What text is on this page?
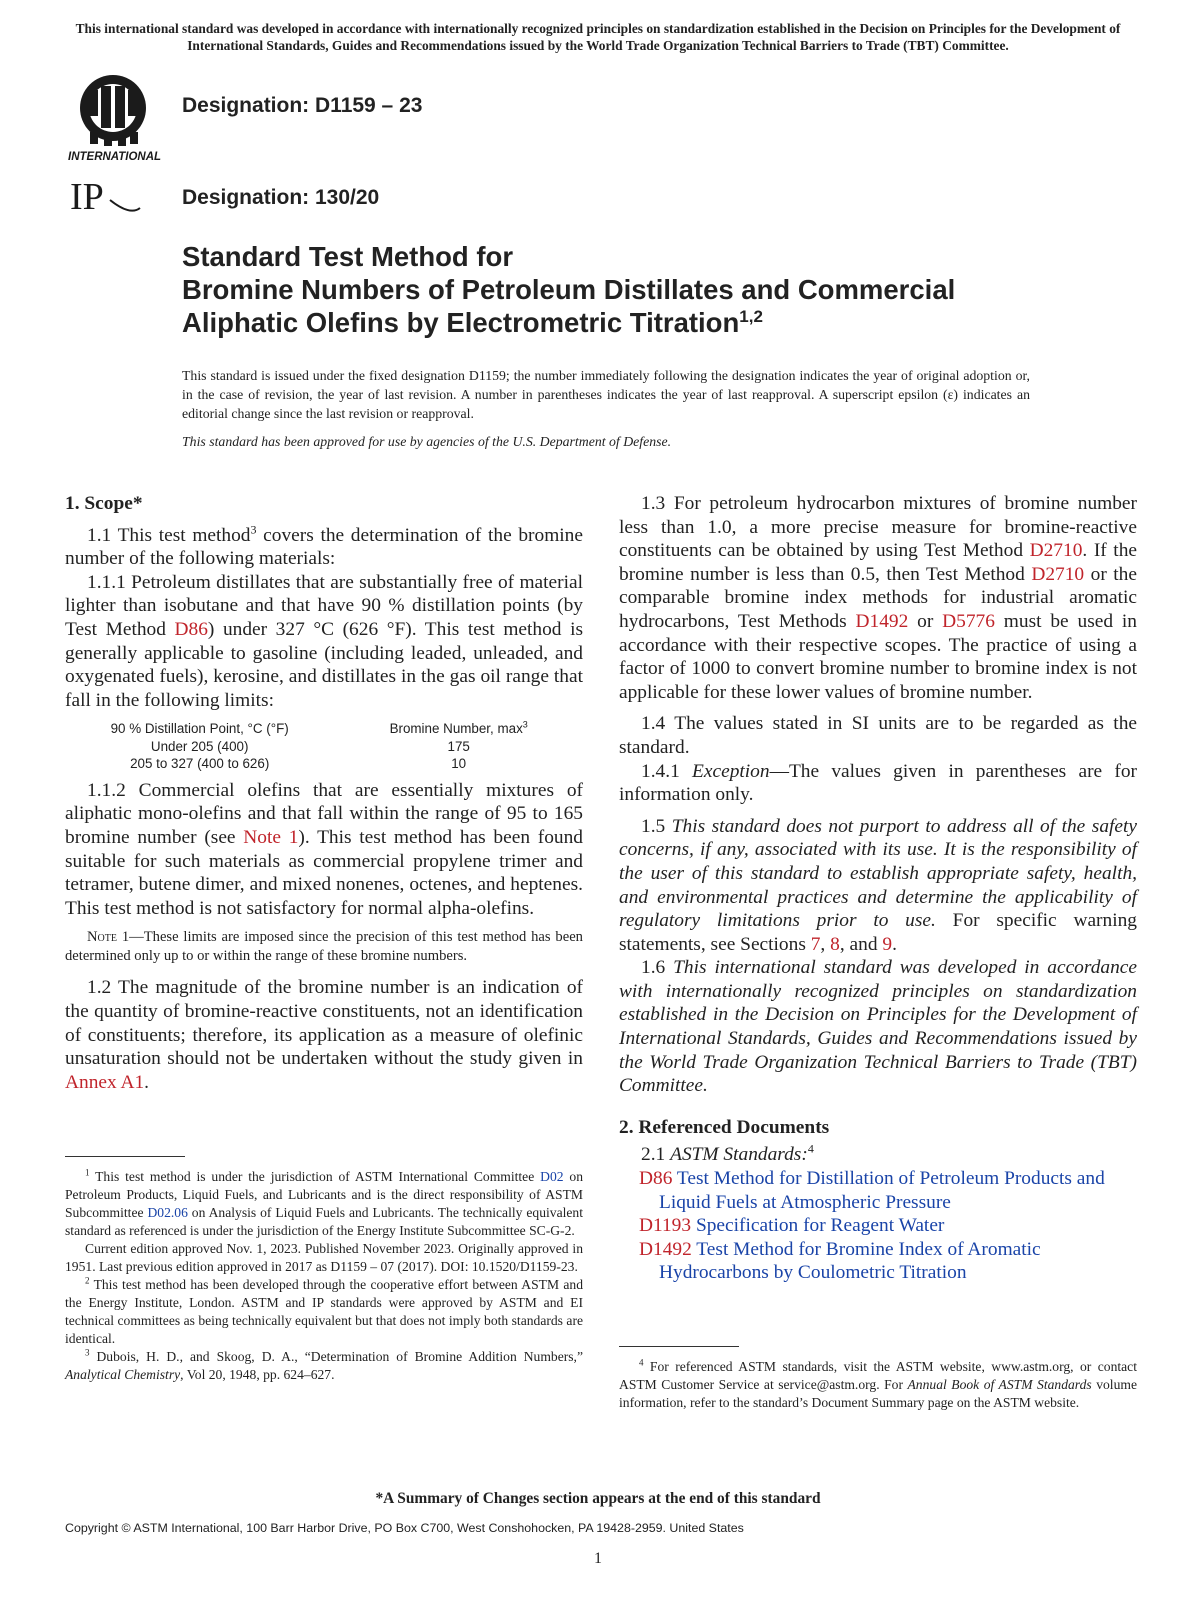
This international standard was developed in accordance with internationally recognized principles on standardization established in the Decision on Principles for the Development of International Standards, Guides and Recommendations issued by the World Trade Organization Technical Barriers to Trade (TBT) Committee.
INTERNATIONAL
IP
Designation: D1159 – 23
Designation: 130/20
Standard Test Method for
Bromine Numbers of Petroleum Distillates and Commercial
Aliphatic Olefins by Electrometric Titration$^{1,2}$
This standard is issued under the fixed designation D1159; the number immediately following the designation indicates the year of original adoption or, in the case of revision, the year of last revision. A number in parentheses indicates the year of last reapproval. A superscript epsilon (ε) indicates an editorial change since the last revision or reapproval.
This standard has been approved for use by agencies of the U.S. Department of Defense.

1. Scope*

1.1 This test method$^3$ covers the determination of the bromine number of the following materials:

1.1.1 Petroleum distillates that are substantially free of material lighter than isobutane and that have 90 % distillation points (by Test Method D86) under 327 °C (626 °F). This test method is generally applicable to gasoline (including leaded, unleaded, and oxygenated fuels), kerosine, and distillates in the gas oil range that fall in the following limits:

90 % Distillation Point, °C (°F)	Bromine Number, $\max^3$
Under 205 (400)	175
205 to 327 (400 to 626)	10

1.1.2 Commercial olefins that are essentially mixtures of aliphatic mono-olefins and that fall within the range of 95 to 165 bromine number (see Note 1). This test method has been found suitable for such materials as commercial propylene trimer and tetramer, butene dimer, and mixed nonenes, octenes, and heptenes. This test method is not satisfactory for normal alpha-olefins.

Note 1—These limits are imposed since the precision of this test method has been determined only up to or within the range of these bromine numbers.

1.2 The magnitude of the bromine number is an indication of the quantity of bromine-reactive constituents, not an identification of constituents; therefore, its application as a measure of olefinic unsaturation should not be undertaken without the study given in Annex A1.

$^1$ This test method is under the jurisdiction of ASTM International Committee D02 on Petroleum Products, Liquid Fuels, and Lubricants and is the direct responsibility of ASTM Subcommittee D02.06 on Analysis of Liquid Fuels and Lubricants. The technically equivalent standard as referenced is under the jurisdiction of the Energy Institute Subcommittee SC-G-2.

Current edition approved Nov. 1, 2023. Published November 2023. Originally approved in 1951. Last previous edition approved in 2017 as D1159 – 07 (2017). DOI: 10.1520/D1159-23.

$^2$ This test method has been developed through the cooperative effort between ASTM and the Energy Institute, London. ASTM and IP standards were approved by ASTM and EI technical committees as being technically equivalent but that does not imply both standards are identical.

$^3$ Dubois, H. D., and Skoog, D. A., “Determination of Bromine Addition Numbers,” Analytical Chemistry, Vol 20, 1948, pp. 624–627.

1.3 For petroleum hydrocarbon mixtures of bromine number less than 1.0, a more precise measure for bromine-reactive constituents can be obtained by using Test Method D2710. If the bromine number is less than 0.5, then Test Method D2710 or the comparable bromine index methods for industrial aromatic hydrocarbons, Test Methods D1492 or D5776 must be used in accordance with their respective scopes. The practice of using a factor of 1000 to convert bromine number to bromine index is not applicable for these lower values of bromine number.

1.4 The values stated in SI units are to be regarded as the standard.

1.4.1 Exception—The values given in parentheses are for information only.

1.5 This standard does not purport to address all of the safety concerns, if any, associated with its use. It is the responsibility of the user of this standard to establish appropriate safety, health, and environmental practices and determine the applicability of regulatory limitations prior to use. For specific warning statements, see Sections 7, 8, and 9.

1.6 This international standard was developed in accordance with internationally recognized principles on standardization established in the Decision on Principles for the Development of International Standards, Guides and Recommendations issued by the World Trade Organization Technical Barriers to Trade (TBT) Committee.

2. Referenced Documents

2.1 ASTM Standards:$^4$

D86 Test Method for Distillation of Petroleum Products and Liquid Fuels at Atmospheric Pressure

D1193 Specification for Reagent Water

D1492 Test Method for Bromine Index of Aromatic Hydrocarbons by Coulometric Titration

$^4$ For referenced ASTM standards, visit the ASTM website, www.astm.org, or contact ASTM Customer Service at service@astm.org. For Annual Book of ASTM Standards volume information, refer to the standard’s Document Summary page on the ASTM website.

*A Summary of Changes section appears at the end of this standard
Copyright © ASTM International, 100 Barr Harbor Drive, PO Box C700, West Conshohocken, PA 19428-2959. United States
1
